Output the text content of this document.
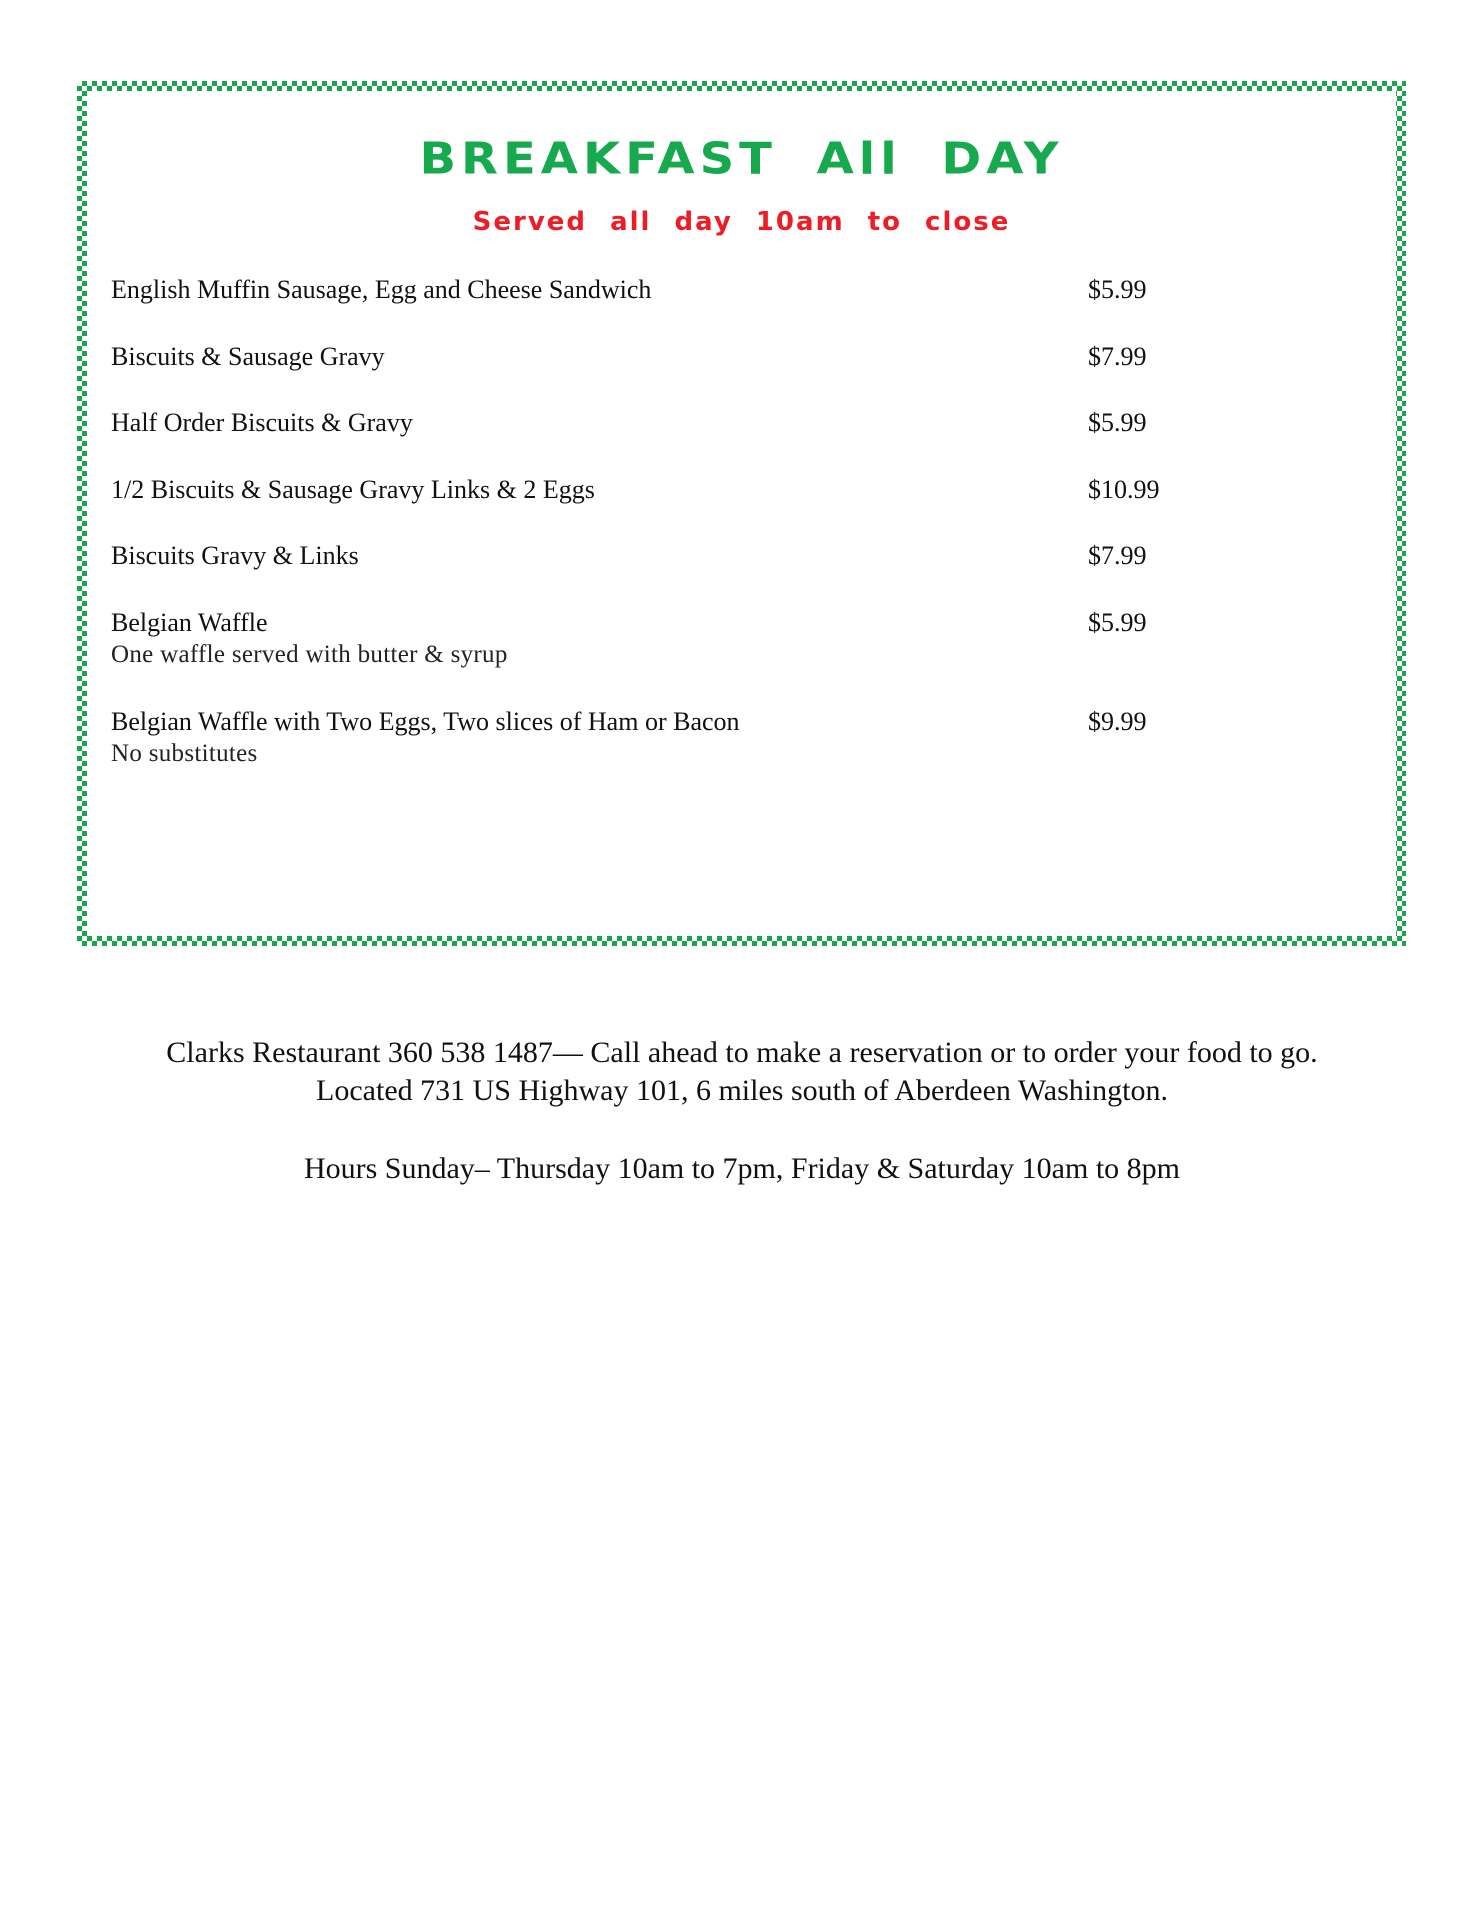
BREAKFAST All DAY
Served all day 10am to close
English Muffin Sausage, Egg and Cheese Sandwich	$5.99
Biscuits & Sausage Gravy	$7.99
Half Order Biscuits & Gravy	$5.99
1/2 Biscuits & Sausage Gravy Links & 2 Eggs	$10.99
Biscuits Gravy & Links	$7.99
Belgian Waffle	$5.99
One waffle served with butter & syrup
Belgian Waffle with Two Eggs, Two slices of Ham or Bacon	$9.99
No substitutes
Clarks Restaurant 360 538 1487— Call ahead to make a reservation or to order your food to go.
Located 731 US Highway 101, 6 miles south of Aberdeen Washington.
Hours Sunday– Thursday 10am to 7pm, Friday & Saturday 10am to 8pm
